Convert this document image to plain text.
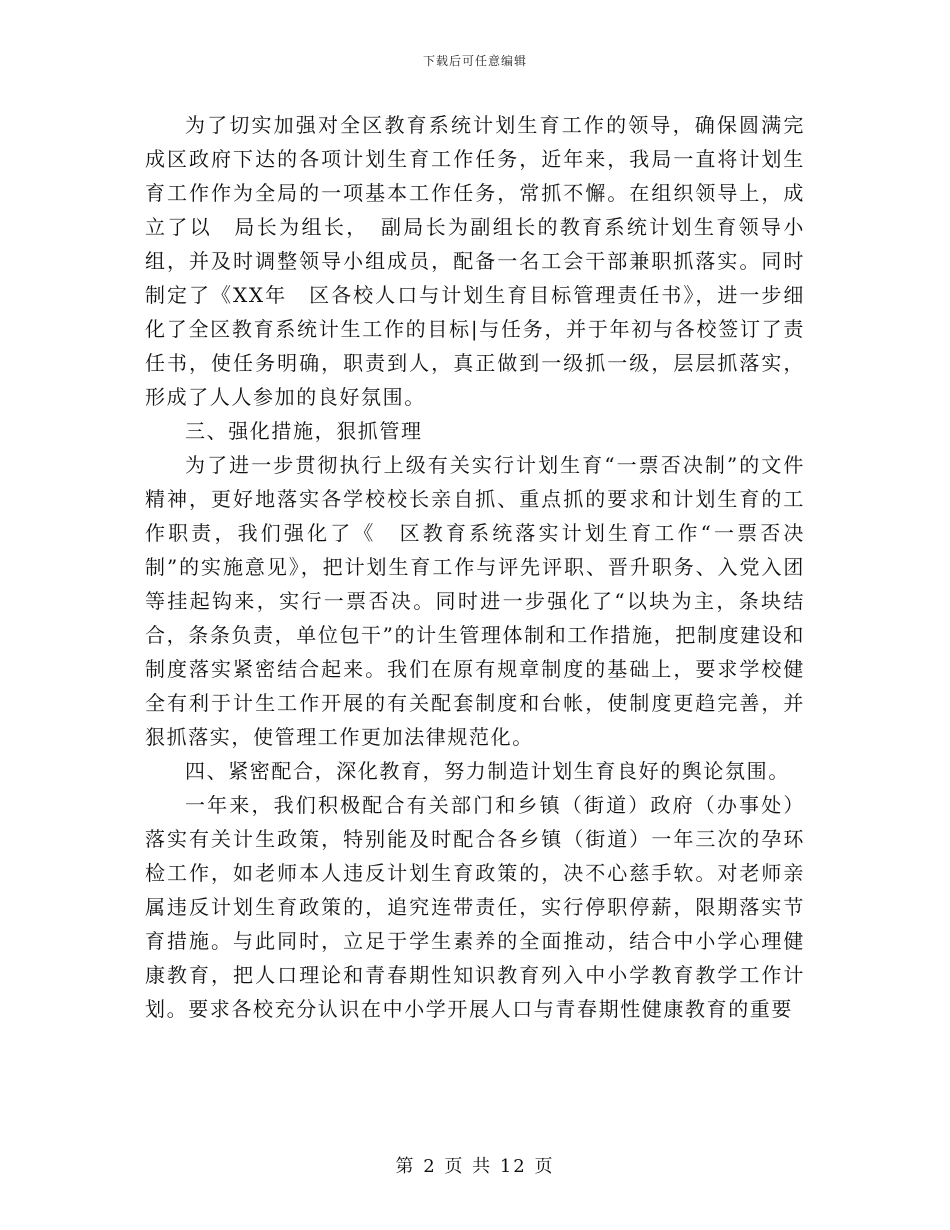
下载后可任意编辑

为了切实加强对全区教育系统计划生育工作的领导，确保圆满完成区政府下达的各项计划生育工作任务，近年来，我局一直将计划生育工作作为全局的一项基本工作任务，常抓不懈。在组织领导上，成立了以　局长为组长，　副局长为副组长的教育系统计划生育领导小组，并及时调整领导小组成员，配备一名工会干部兼职抓落实。同时制定了《XX年　区各校人口与计划生育目标管理责任书》，进一步细化了全区教育系统计生工作的目标|与任务，并于年初与各校签订了责任书，使任务明确，职责到人，真正做到一级抓一级，层层抓落实，形成了人人参加的良好氛围。

三、强化措施，狠抓管理

为了进一步贯彻执行上级有关实行计划生育“一票否决制”的文件精神，更好地落实各学校校长亲自抓、重点抓的要求和计划生育的工作职责，我们强化了《　区教育系统落实计划生育工作“一票否决制”的实施意见》，把计划生育工作与评先评职、晋升职务、入党入团等挂起钩来，实行一票否决。同时进一步强化了“以块为主，条块结合，条条负责，单位包干”的计生管理体制和工作措施，把制度建设和制度落实紧密结合起来。我们在原有规章制度的基础上，要求学校健全有利于计生工作开展的有关配套制度和台帐，使制度更趋完善，并狠抓落实，使管理工作更加法律规范化。

四、紧密配合，深化教育，努力制造计划生育良好的舆论氛围。

一年来，我们积极配合有关部门和乡镇（街道）政府（办事处）落实有关计生政策，特别能及时配合各乡镇（街道）一年三次的孕环检工作，如老师本人违反计划生育政策的，决不心慈手软。对老师亲属违反计划生育政策的，追究连带责任，实行停职停薪，限期落实节育措施。与此同时，立足于学生素养的全面推动，结合中小学心理健康教育，把人口理论和青春期性知识教育列入中小学教育教学工作计划。要求各校充分认识在中小学开展人口与青春期性健康教育的重要

第 2 页 共 12 页
